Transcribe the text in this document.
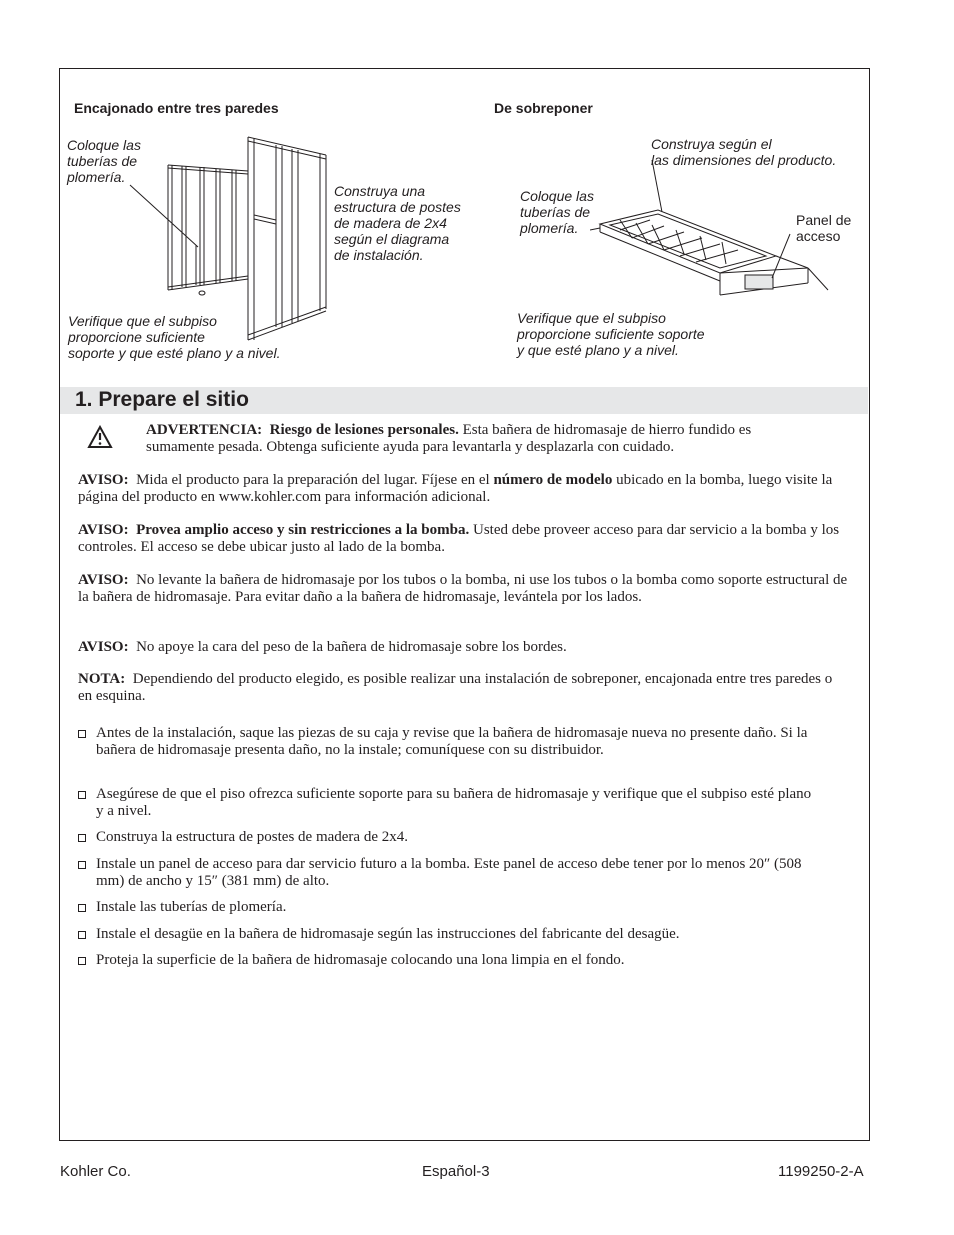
Encajonado entre tres paredes
Coloque las
tuberías de
plomería.
Construya una
estructura de postes
de madera de 2x4
según el diagrama
de instalación.
Verifique que el subpiso
proporcione suficiente
soporte y que esté plano y a nivel.
De sobreponer
Construya según el
las dimensiones del producto.
Coloque las
tuberías de
plomería.	Panel de
acceso
Verifique que el subpiso
proporcione suficiente soporte
y que esté plano y a nivel.
1. Prepare el sitio
ADVERTENCIA: Riesgo de lesiones personales. Esta bañera de hidromasaje de hierro fundido es
sumamente pesada. Obtenga suficiente ayuda para levantarla y desplazarla con cuidado.
AVISO: Mida el producto para la preparación del lugar. Fíjese en el número de modelo ubicado en la bomba, luego visite la página del producto en www.kohler.com para información adicional.
AVISO: Provea amplio acceso y sin restricciones a la bomba. Usted debe proveer acceso para dar servicio a la bomba y los controles. El acceso se debe ubicar justo al lado de la bomba.
AVISO: No levante la bañera de hidromasaje por los tubos o la bomba, ni use los tubos o la bomba como soporte estructural de la bañera de hidromasaje. Para evitar daño a la bañera de hidromasaje, levántela por los lados.
AVISO: No apoye la cara del peso de la bañera de hidromasaje sobre los bordes.
NOTA: Dependiendo del producto elegido, es posible realizar una instalación de sobreponer, encajonada entre tres paredes o en esquina.
Antes de la instalación, saque las piezas de su caja y revise que la bañera de hidromasaje nueva no presente daño. Si la bañera de hidromasaje presenta daño, no la instale; comuníquese con su distribuidor.
Asegúrese de que el piso ofrezca suficiente soporte para su bañera de hidromasaje y verifique que el subpiso esté plano y a nivel.
Construya la estructura de postes de madera de 2x4.
Instale un panel de acceso para dar servicio futuro a la bomba. Este panel de acceso debe tener por lo menos 20″ (508 mm) de ancho y 15″ (381 mm) de alto.
Instale las tuberías de plomería.
Instale el desagüe en la bañera de hidromasaje según las instrucciones del fabricante del desagüe.
Proteja la superficie de la bañera de hidromasaje colocando una lona limpia en el fondo.
Kohler Co.	Español-3	1199250-2-A
